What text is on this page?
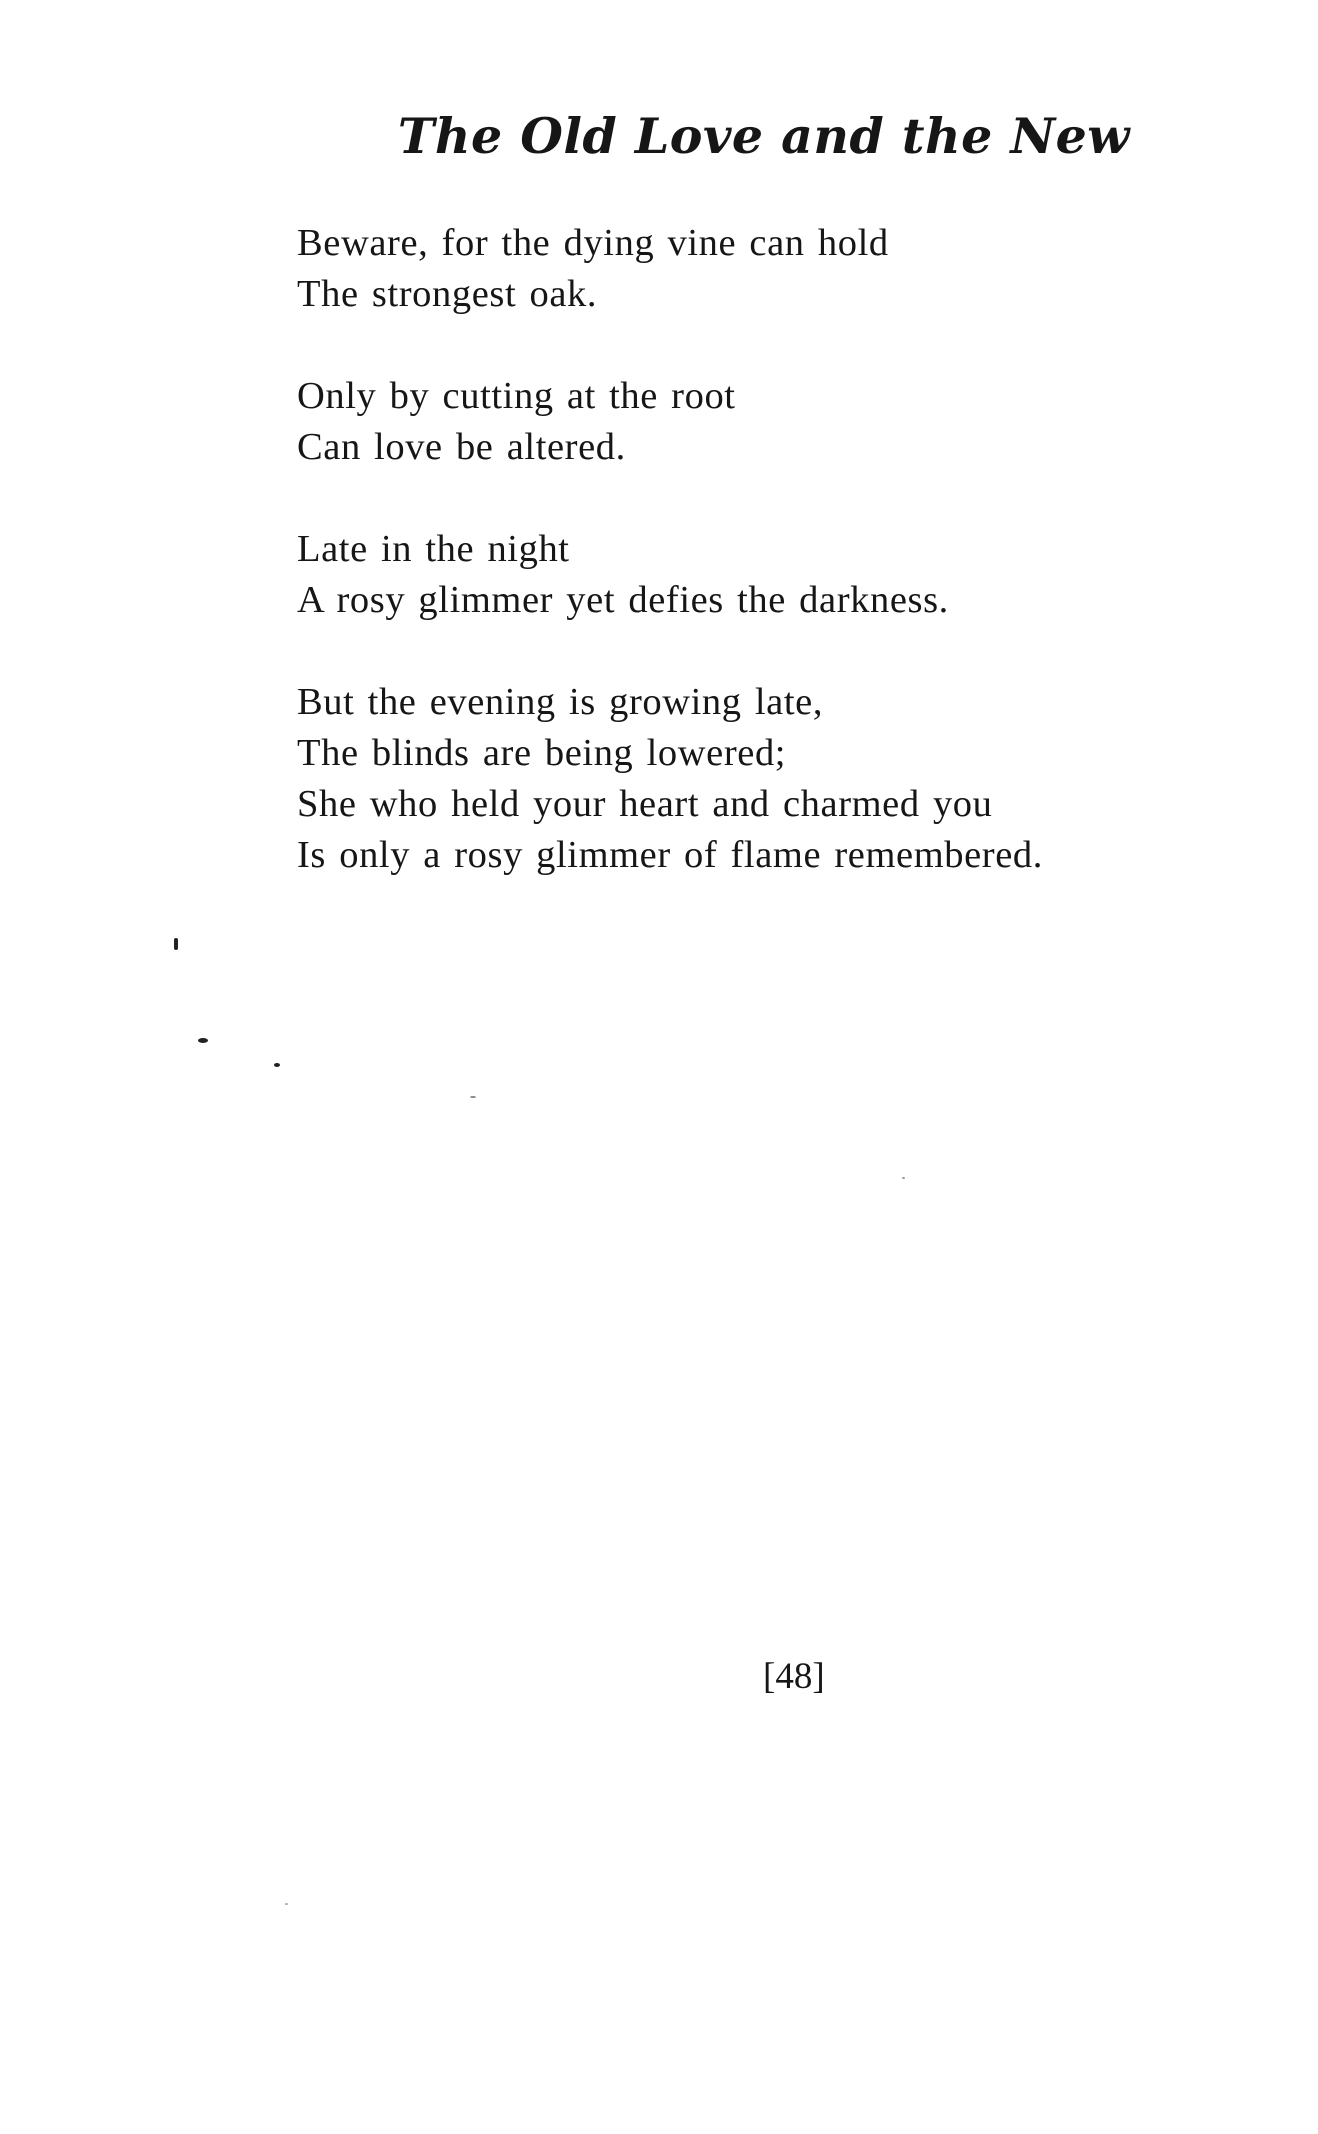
The Old Love and the New
Beware, for the dying vine can hold
The strongest oak.
Only by cutting at the root
Can love be altered.
Late in the night
A rosy glimmer yet defies the darkness.
But the evening is growing late,
The blinds are being lowered;
She who held your heart and charmed you
Is only a rosy glimmer of flame remembered.
[48]
